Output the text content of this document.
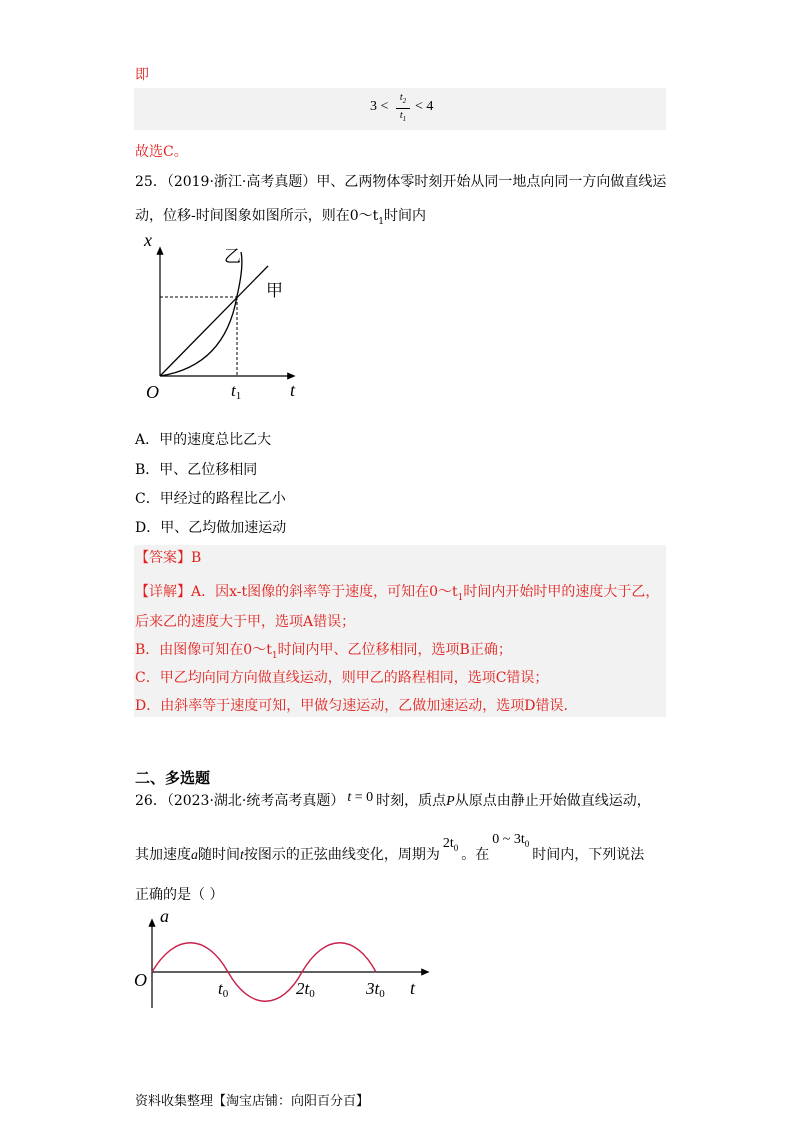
即
3 <
$t_2$
$t_1$
< 4
故选C。
25．（2019·浙江·高考真题）甲、乙两物体零时刻开始从同一地点向同一方向做直线运
动，位移-时间图象如图所示，则在$0\sim t_1$时间内
x
t
O	t1
乙
甲
A．甲的速度总比乙大
B．甲、乙位移相同
C．甲经过的路程比乙小
D．甲、乙均做加速运动
【答案】B
【详解】A．因x-t图像的斜率等于速度，可知在$0\sim t_1$时间内开始时甲的速度大于乙，
后来乙的速度大于甲，选项A错误；
B．由图像可知在$0\sim t_1$时间内甲、乙位移相同，选项B正确；
C．甲乙均向同方向做直线运动，则甲乙的路程相同，选项C错误；
D．由斜率等于速度可知，甲做匀速运动，乙做加速运动，选项D错误.
二、多选题
26．（2023·湖北·统考高考真题） t = 0 时刻，质点P从原点由静止开始做直线运动，
其加速度a随时间t按图示的正弦曲线变化，周期为$2t_0$ 。在0 ~ $3t_0$时间内，下列说法
正确的是（ ）
a
t
O	t0	2t0	3t0
资料收集整理【淘宝店铺：向阳百分百】
